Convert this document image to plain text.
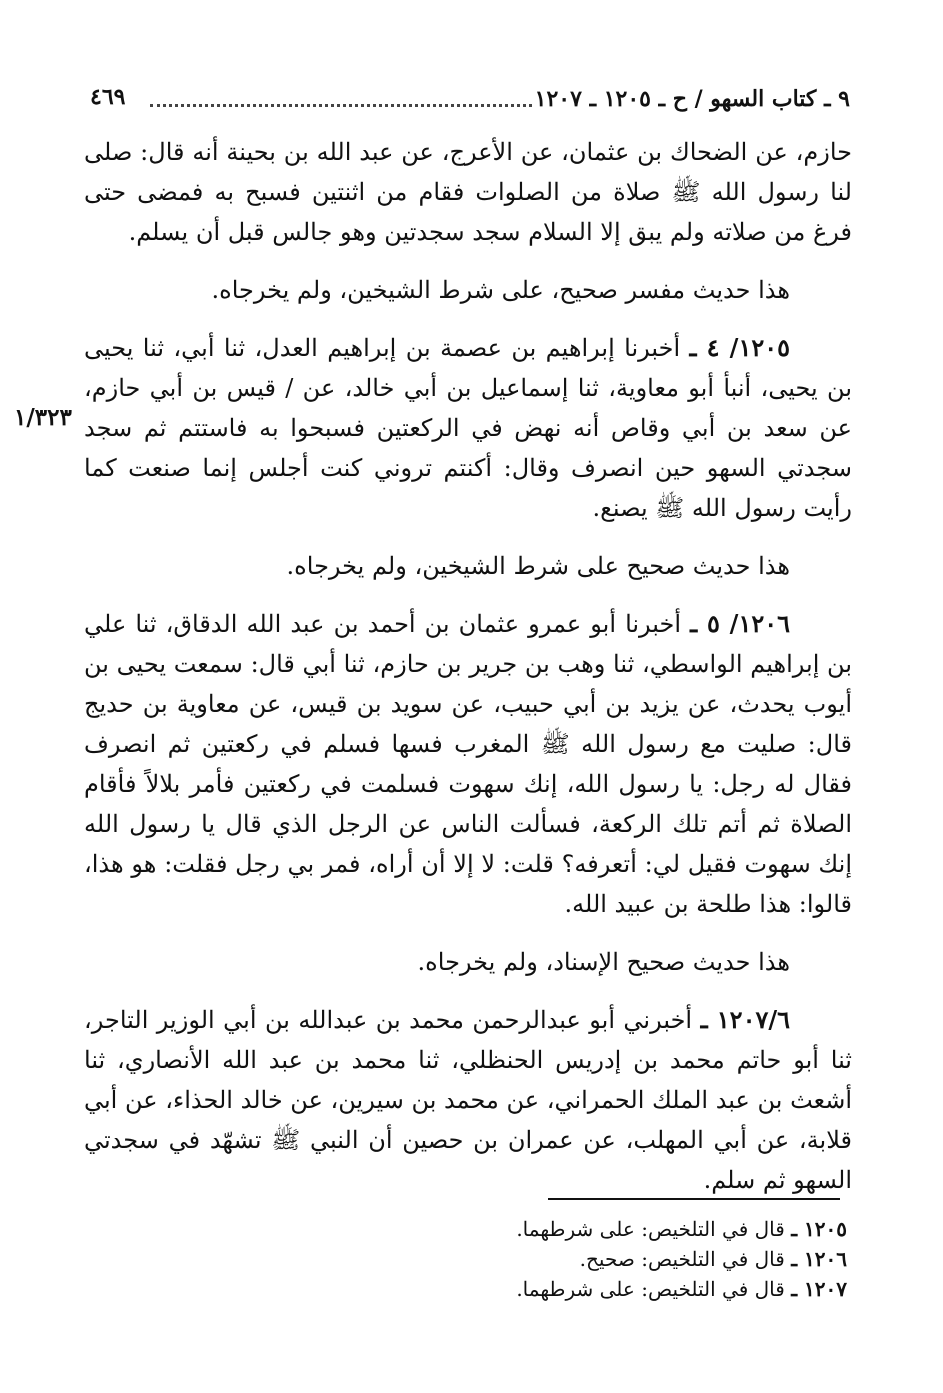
٩ ـ كتاب السهو / ح ـ ١٢٠٥ ـ ١٢٠٧
٤٦٩
١/٣٢٣

حازم، عن الضحاك بن عثمان، عن الأعرج، عن عبد الله بن بحينة أنه قال: صلى لنا رسول الله ﷺ صلاة من الصلوات فقام من اثنتين فسبح به فمضى حتى فرغ من صلاته ولم يبق إلا السلام سجد سجدتين وهو جالس قبل أن يسلم.

هذا حديث مفسر صحيح، على شرط الشيخين، ولم يخرجاه.

١٢٠٥/ ٤ ـ أخبرنا إبراهيم بن عصمة بن إبراهيم العدل، ثنا أبي، ثنا يحيى بن يحيى، أنبأ أبو معاوية، ثنا إسماعيل بن أبي خالد، عن / قيس بن أبي حازم، عن سعد بن أبي وقاص أنه نهض في الركعتين فسبحوا به فاستتم ثم سجد سجدتي السهو حين انصرف وقال: أكنتم تروني كنت أجلس إنما صنعت كما رأيت رسول الله ﷺ يصنع.

هذا حديث صحيح على شرط الشيخين، ولم يخرجاه.

١٢٠٦/ ٥ ـ أخبرنا أبو عمرو عثمان بن أحمد بن عبد الله الدقاق، ثنا علي بن إبراهيم الواسطي، ثنا وهب بن جرير بن حازم، ثنا أبي قال: سمعت يحيى بن أيوب يحدث، عن يزيد بن أبي حبيب، عن سويد بن قيس، عن معاوية بن حديج قال: صليت مع رسول الله ﷺ المغرب فسها فسلم في ركعتين ثم انصرف فقال له رجل: يا رسول الله، إنك سهوت فسلمت في ركعتين فأمر بلالاً فأقام الصلاة ثم أتم تلك الركعة، فسألت الناس عن الرجل الذي قال يا رسول الله إنك سهوت فقيل لي: أتعرفه؟ قلت: لا إلا أن أراه، فمر بي رجل فقلت: هو هذا، قالوا: هذا طلحة بن عبيد الله.

هذا حديث صحيح الإسناد، ولم يخرجاه.

١٢٠٧/٦ ـ أخبرني أبو عبدالرحمن محمد بن عبدالله بن أبي الوزير التاجر، ثنا أبو حاتم محمد بن إدريس الحنظلي، ثنا محمد بن عبد الله الأنصاري، ثنا أشعث بن عبد الملك الحمراني، عن محمد بن سيرين، عن خالد الحذاء، عن أبي قلابة، عن أبي المهلب، عن عمران بن حصين أن النبي ﷺ تشهّد في سجدتي السهو ثم سلم.

١٢٠٥ ـ قال في التلخيص: على شرطهما.

١٢٠٦ ـ قال في التلخيص: صحيح.

١٢٠٧ ـ قال في التلخيص: على شرطهما.
